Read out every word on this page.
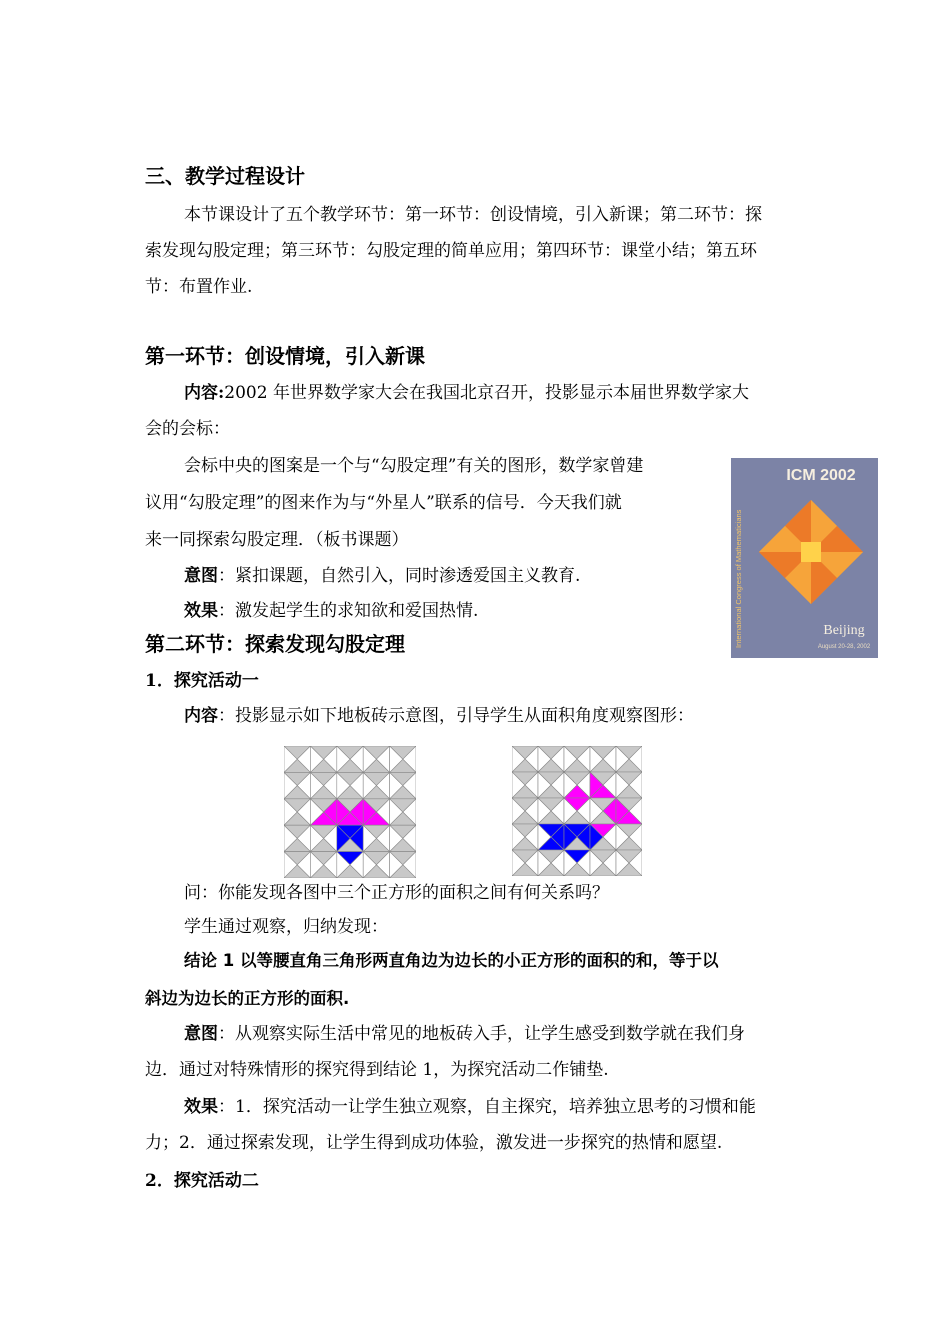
三、教学过程设计
本节课设计了五个教学环节：第一环节：创设情境，引入新课；第二环节：探
索发现勾股定理；第三环节：勾股定理的简单应用；第四环节：课堂小结；第五环
节：布置作业.
第一环节：创设情境，引入新课
内容:2002 年世界数学家大会在我国北京召开，投影显示本届世界数学家大
会的会标：
会标中央的图案是一个与“勾股定理”有关的图形，数学家曾建
议用“勾股定理”的图来作为与“外星人”联系的信号．今天我们就
来一同探索勾股定理．（板书课题）
意图：紧扣课题，自然引入，同时渗透爱国主义教育.
效果：激发起学生的求知欲和爱国热情.
ICM 2002
International Congress of Mathematicians	Beijing
August 20-28, 2002
第二环节：探索发现勾股定理
1．探究活动一
内容：投影显示如下地板砖示意图，引导学生从面积角度观察图形：
问：你能发现各图中三个正方形的面积之间有何关系吗？
学生通过观察，归纳发现：
结论 1 以等腰直角三角形两直角边为边长的小正方形的面积的和，等于以
斜边为边长的正方形的面积.
意图：从观察实际生活中常见的地板砖入手，让学生感受到数学就在我们身
边．通过对特殊情形的探究得到结论 1，为探究活动二作铺垫.
效果：1．探究活动一让学生独立观察，自主探究，培养独立思考的习惯和能
力；2．通过探索发现，让学生得到成功体验，激发进一步探究的热情和愿望.
2．探究活动二
